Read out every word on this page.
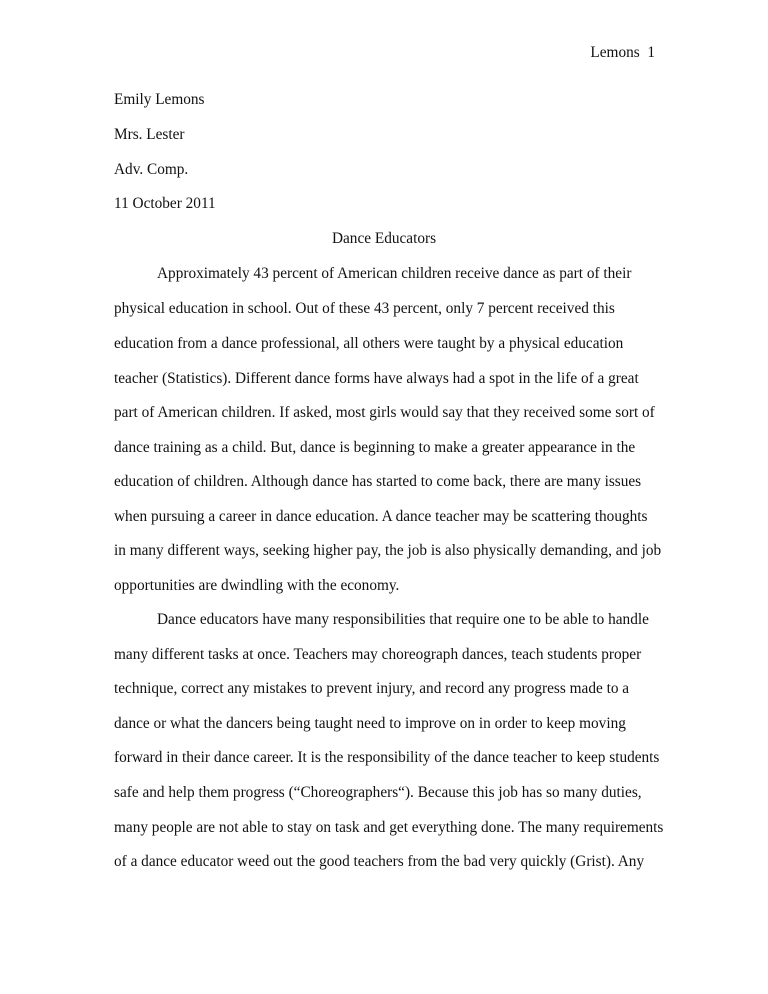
Lemons  1
Emily Lemons
Mrs. Lester
Adv. Comp.
11 October 2011
Dance Educators
Approximately 43 percent of American children receive dance as part of their
physical education in school. Out of these 43 percent, only 7 percent received this
education from a dance professional, all others were taught by a physical education
teacher (Statistics). Different dance forms have always had a spot in the life of a great
part of American children. If asked, most girls would say that they received some sort of
dance training as a child. But, dance is beginning to make a greater appearance in the
education of children. Although dance has started to come back, there are many issues
when pursuing a career in dance education. A dance teacher may be scattering thoughts
in many different ways, seeking higher pay, the job is also physically demanding, and job
opportunities are dwindling with the economy.
Dance educators have many responsibilities that require one to be able to handle
many different tasks at once. Teachers may choreograph dances, teach students proper
technique, correct any mistakes to prevent injury, and record any progress made to a
dance or what the dancers being taught need to improve on in order to keep moving
forward in their dance career. It is the responsibility of the dance teacher to keep students
safe and help them progress (“Choreographers“). Because this job has so many duties,
many people are not able to stay on task and get everything done. The many requirements
of a dance educator weed out the good teachers from the bad very quickly (Grist). Any
